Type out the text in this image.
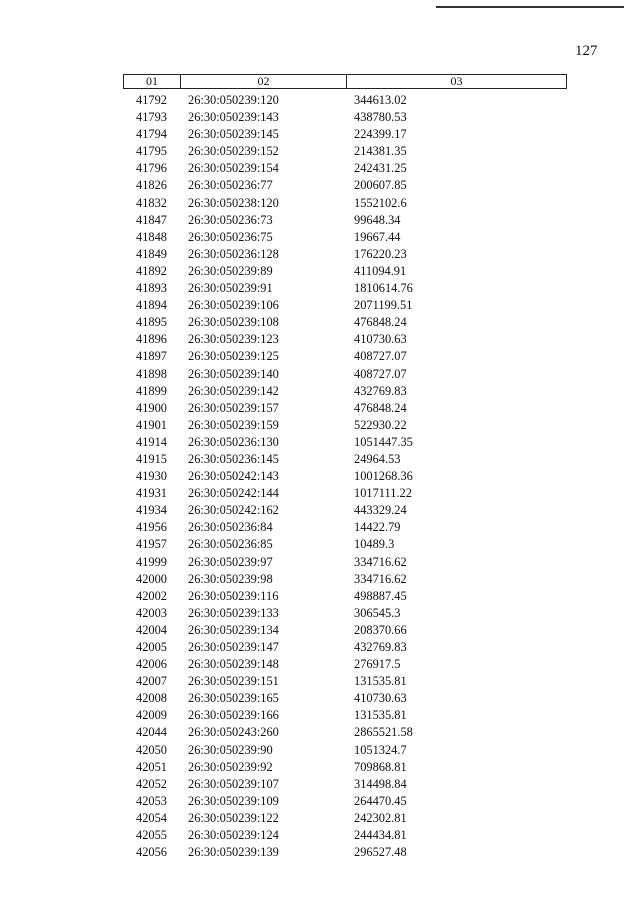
127
01	02	03
41792	26:30:050239:120	344613.02
41793	26:30:050239:143	438780.53
41794	26:30:050239:145	224399.17
41795	26:30:050239:152	214381.35
41796	26:30:050239:154	242431.25
41826	26:30:050236:77	200607.85
41832	26:30:050238:120	1552102.6
41847	26:30:050236:73	99648.34
41848	26:30:050236:75	19667.44
41849	26:30:050236:128	176220.23
41892	26:30:050239:89	411094.91
41893	26:30:050239:91	1810614.76
41894	26:30:050239:106	2071199.51
41895	26:30:050239:108	476848.24
41896	26:30:050239:123	410730.63
41897	26:30:050239:125	408727.07
41898	26:30:050239:140	408727.07
41899	26:30:050239:142	432769.83
41900	26:30:050239:157	476848.24
41901	26:30:050239:159	522930.22
41914	26:30:050236:130	1051447.35
41915	26:30:050236:145	24964.53
41930	26:30:050242:143	1001268.36
41931	26:30:050242:144	1017111.22
41934	26:30:050242:162	443329.24
41956	26:30:050236:84	14422.79
41957	26:30:050236:85	10489.3
41999	26:30:050239:97	334716.62
42000	26:30:050239:98	334716.62
42002	26:30:050239:116	498887.45
42003	26:30:050239:133	306545.3
42004	26:30:050239:134	208370.66
42005	26:30:050239:147	432769.83
42006	26:30:050239:148	276917.5
42007	26:30:050239:151	131535.81
42008	26:30:050239:165	410730.63
42009	26:30:050239:166	131535.81
42044	26:30:050243:260	2865521.58
42050	26:30:050239:90	1051324.7
42051	26:30:050239:92	709868.81
42052	26:30:050239:107	314498.84
42053	26:30:050239:109	264470.45
42054	26:30:050239:122	242302.81
42055	26:30:050239:124	244434.81
42056	26:30:050239:139	296527.48
